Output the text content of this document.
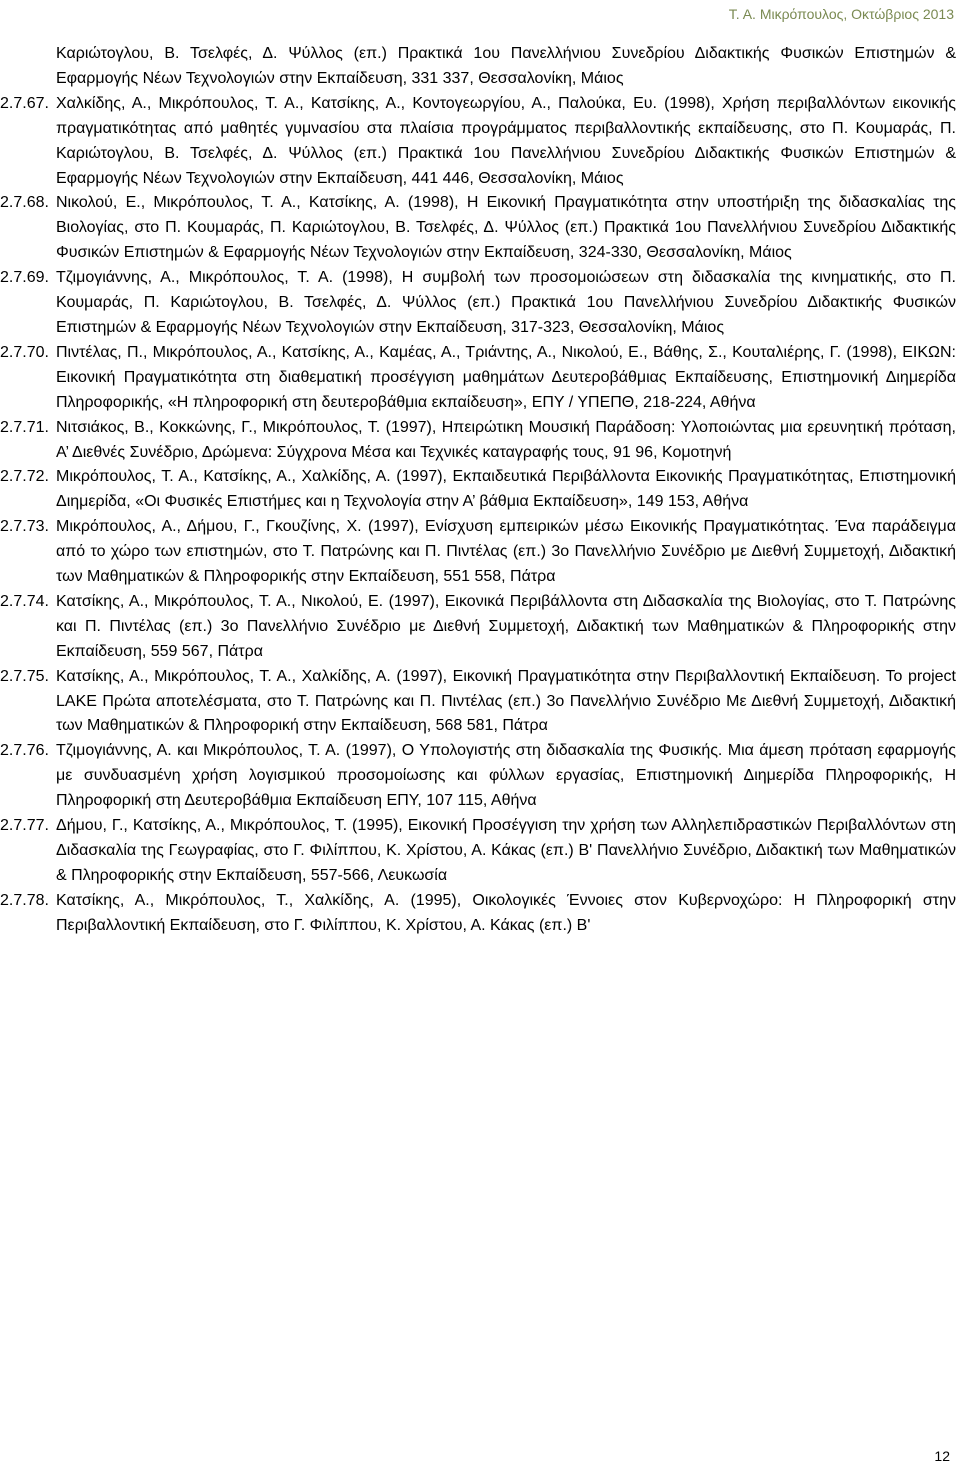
Τ. Α. Μικρόπουλος, Οκτώβριος 2013
Καριώτογλου, Β. Τσελφές, Δ. Ψύλλος (επ.) Πρακτικά 1ου Πανελλήνιου Συνεδρίου Διδακτικής Φυσικών Επιστημών & Εφαρμογής Νέων Τεχνολογιών στην Εκπαίδευση, 331 337, Θεσσαλονίκη, Μάιος
2.7.67. Χαλκίδης, Α., Μικρόπουλος, Τ. Α., Κατσίκης, Α., Κοντογεωργίου, Α., Παλούκα, Ευ. (1998), Χρήση περιβαλλόντων εικονικής πραγματικότητας από μαθητές γυμνασίου στα πλαίσια προγράμματος περιβαλλοντικής εκπαίδευσης, στο Π. Κουμαράς, Π. Καριώτογλου, Β. Τσελφές, Δ. Ψύλλος (επ.) Πρακτικά 1ου Πανελλήνιου Συνεδρίου Διδακτικής Φυσικών Επιστημών & Εφαρμογής Νέων Τεχνολογιών στην Εκπαίδευση, 441 446, Θεσσαλονίκη, Μάιος
2.7.68. Νικολού, Ε., Μικρόπουλος, Τ. Α., Κατσίκης, Α. (1998), Η Εικονική Πραγματικότητα στην υποστήριξη της διδασκαλίας της Βιολογίας, στο Π. Κουμαράς, Π. Καριώτογλου, Β. Τσελφές, Δ. Ψύλλος (επ.) Πρακτικά 1ου Πανελλήνιου Συνεδρίου Διδακτικής Φυσικών Επιστημών & Εφαρμογής Νέων Τεχνολογιών στην Εκπαίδευση, 324-330, Θεσσαλονίκη, Μάιος
2.7.69. Τζιμογιάννης, Α., Μικρόπουλος, Τ. Α. (1998), Η συμβολή των προσομοιώσεων στη διδασκαλία της κινηματικής, στο Π. Κουμαράς, Π. Καριώτογλου, Β. Τσελφές, Δ. Ψύλλος (επ.) Πρακτικά 1ου Πανελλήνιου Συνεδρίου Διδακτικής Φυσικών Επιστημών & Εφαρμογής Νέων Τεχνολογιών στην Εκπαίδευση, 317-323, Θεσσαλονίκη, Μάιος
2.7.70. Πιντέλας, Π., Μικρόπουλος, Α., Κατσίκης, Α., Καμέας, Α., Τριάντης, Α., Νικολού, Ε., Βάθης, Σ., Κουταλιέρης, Γ. (1998), ΕΙΚΩΝ: Εικονική Πραγματικότητα στη διαθεματική προσέγγιση μαθημάτων Δευτεροβάθμιας Εκπαίδευσης, Επιστημονική Διημερίδα Πληροφορικής, «Η πληροφορική στη δευτεροβάθμια εκπαίδευση», ΕΠΥ / ΥΠΕΠΘ, 218-224, Αθήνα
2.7.71. Νιτσιάκος, Β., Κοκκώνης, Γ., Μικρόπουλος, Τ. (1997), Ηπειρώτικη Μουσική Παράδοση: Υλοποιώντας μια ερευνητική πρόταση, Α’ Διεθνές Συνέδριο, Δρώμενα: Σύγχρονα Μέσα και Τεχνικές καταγραφής τους, 91 96, Κομοτηνή
2.7.72. Μικρόπουλος, Τ. Α., Κατσίκης, Α., Χαλκίδης, Α. (1997), Εκπαιδευτικά Περιβάλλοντα Εικονικής Πραγματικότητας, Επιστημονική Διημερίδα, «Οι Φυσικές Επιστήμες και η Τεχνολογία στην Α’ βάθμια Εκπαίδευση», 149 153, Αθήνα
2.7.73. Μικρόπουλος, Α., Δήμου, Γ., Γκουζίνης, Χ. (1997), Ενίσχυση εμπειρικών μέσω Εικονικής Πραγματικότητας. Ένα παράδειγμα από το χώρο των επιστημών, στο Τ. Πατρώνης και Π. Πιντέλας (επ.) 3ο Πανελλήνιο Συνέδριο με Διεθνή Συμμετοχή, Διδακτική των Μαθηματικών & Πληροφορικής στην Εκπαίδευση, 551 558, Πάτρα
2.7.74. Κατσίκης, Α., Μικρόπουλος, Τ. Α., Νικολού, Ε. (1997), Εικονικά Περιβάλλοντα στη Διδασκαλία της Βιολογίας, στο Τ. Πατρώνης και Π. Πιντέλας (επ.) 3ο Πανελλήνιο Συνέδριο με Διεθνή Συμμετοχή, Διδακτική των Μαθηματικών & Πληροφορικής στην Εκπαίδευση, 559 567, Πάτρα
2.7.75. Κατσίκης, Α., Μικρόπουλος, Τ. Α., Χαλκίδης, Α. (1997), Εικονική Πραγματικότητα στην Περιβαλλοντική Εκπαίδευση. Το project LAKE Πρώτα αποτελέσματα, στο Τ. Πατρώνης και Π. Πιντέλας (επ.) 3ο Πανελλήνιο Συνέδριο Με Διεθνή Συμμετοχή, Διδακτική των Μαθηματικών & Πληροφορική στην Εκπαίδευση, 568 581, Πάτρα
2.7.76. Τζιμογιάννης, Α. και Μικρόπουλος, Τ. Α. (1997), Ο Υπολογιστής στη διδασκαλία της Φυσικής. Μια άμεση πρόταση εφαρμογής με συνδυασμένη χρήση λογισμικού προσομοίωσης και φύλλων εργασίας, Επιστημονική Διημερίδα Πληροφορικής, Η Πληροφορική στη Δευτεροβάθμια Εκπαίδευση ΕΠΥ, 107 115, Αθήνα
2.7.77. Δήμου, Γ., Κατσίκης, Α., Μικρόπουλος, Τ. (1995), Εικονική Προσέγγιση την χρήση των Αλληλεπιδραστικών Περιβαλλόντων στη Διδασκαλία της Γεωγραφίας, στο Γ. Φιλίππου, Κ. Χρίστου, Α. Κάκας (επ.) Β' Πανελλήνιο Συνέδριο, Διδακτική των Μαθηματικών & Πληροφορικής στην Εκπαίδευση, 557-566, Λευκωσία
2.7.78. Κατσίκης, Α., Μικρόπουλος, Τ., Χαλκίδης, Α. (1995), Οικολογικές Έννοιες στον Κυβερνοχώρο: Η Πληροφορική στην Περιβαλλοντική Εκπαίδευση, στο Γ. Φιλίππου, Κ. Χρίστου, Α. Κάκας (επ.) Β'
12
